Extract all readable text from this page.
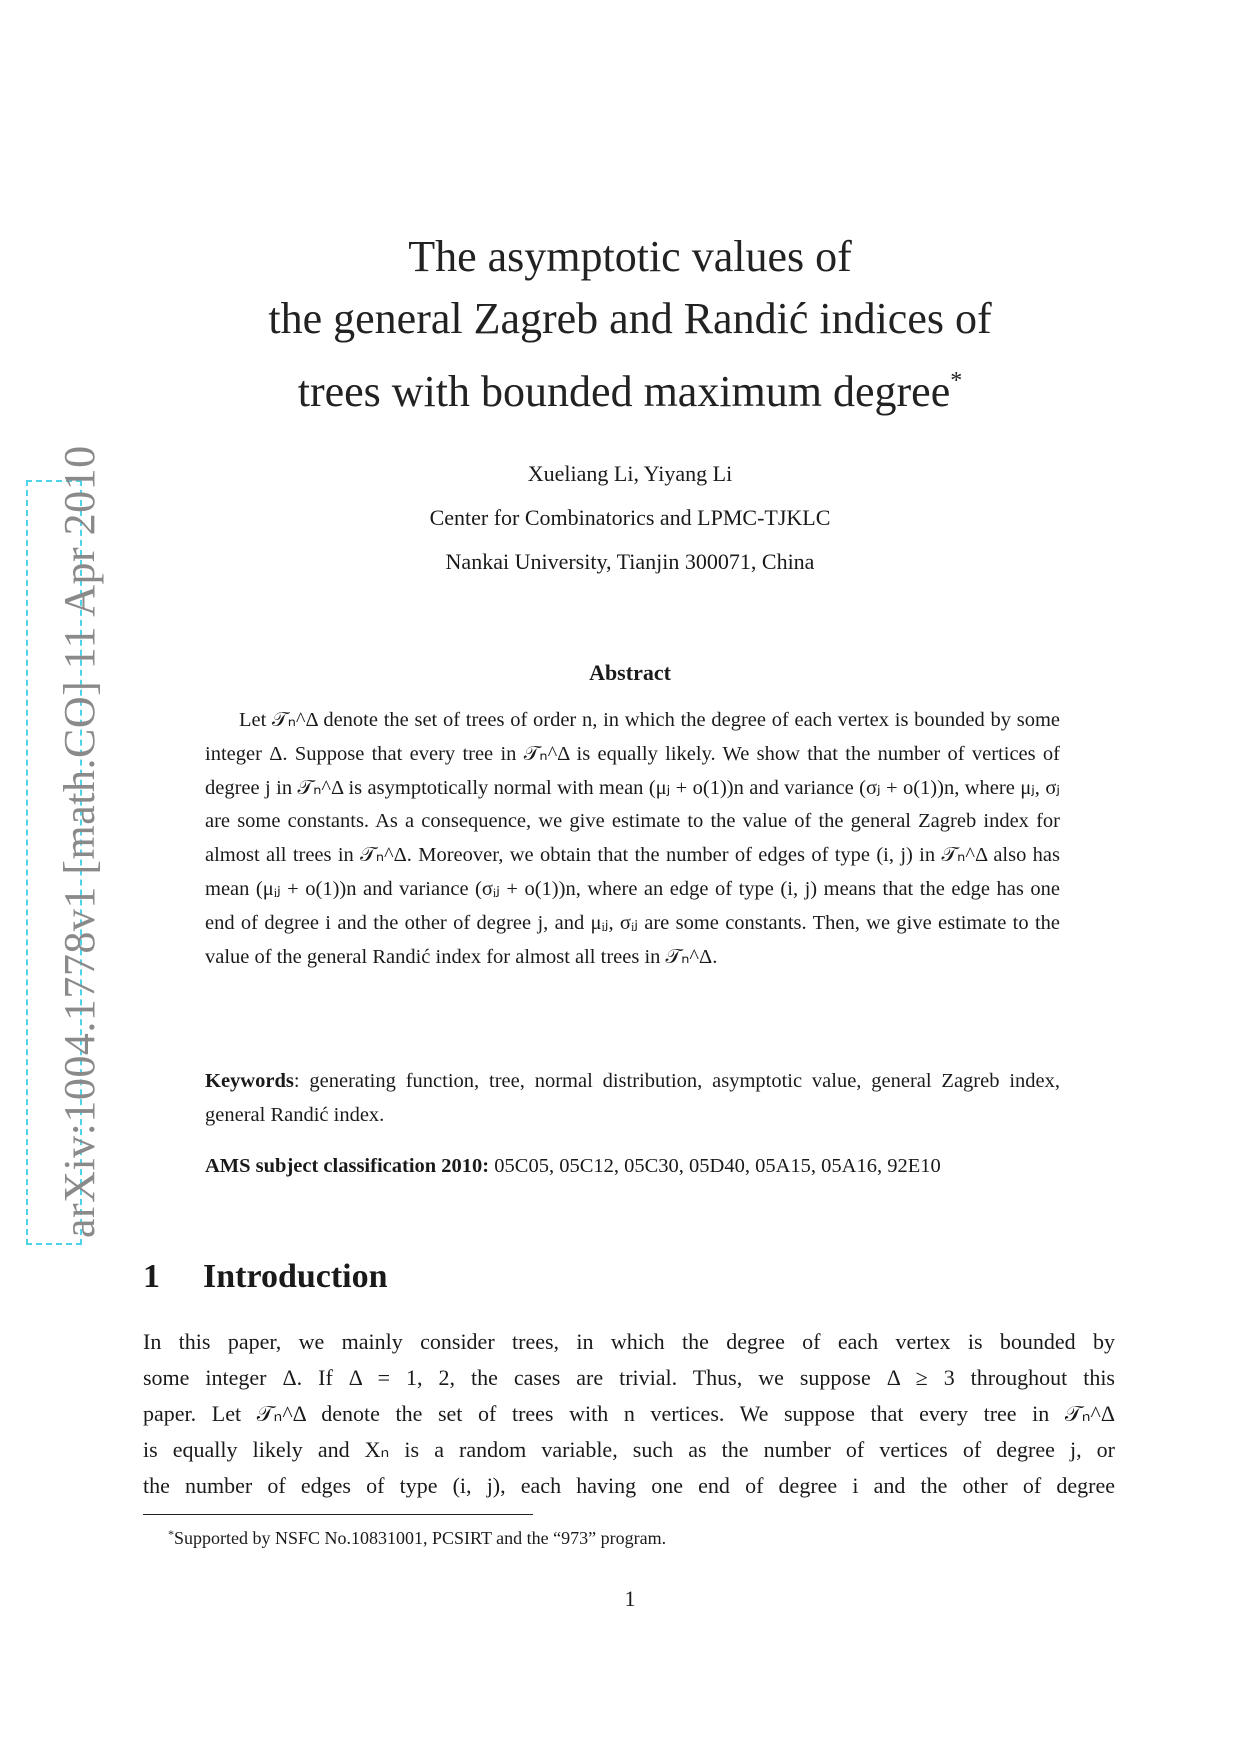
arXiv:1004.1778v1 [math.CO] 11 Apr 2010
The asymptotic values of
the general Zagreb and Randić indices of
trees with bounded maximum degree*
Xueliang Li, Yiyang Li
Center for Combinatorics and LPMC-TJKLC
Nankai University, Tianjin 300071, China
Abstract

Let 𝒯ₙ^Δ denote the set of trees of order n, in which the degree of each vertex is bounded by some integer Δ. Suppose that every tree in 𝒯ₙ^Δ is equally likely. We show that the number of vertices of degree j in 𝒯ₙ^Δ is asymptotically normal with mean (μⱼ + o(1))n and variance (σⱼ + o(1))n, where μⱼ, σⱼ are some constants. As a consequence, we give estimate to the value of the general Zagreb index for almost all trees in 𝒯ₙ^Δ. Moreover, we obtain that the number of edges of type (i, j) in 𝒯ₙ^Δ also has mean (μᵢⱼ + o(1))n and variance (σᵢⱼ + o(1))n, where an edge of type (i, j) means that the edge has one end of degree i and the other of degree j, and μᵢⱼ, σᵢⱼ are some constants. Then, we give estimate to the value of the general Randić index for almost all trees in 𝒯ₙ^Δ.

Keywords: generating function, tree, normal distribution, asymptotic value, general Zagreb index, general Randić index.
AMS subject classification 2010: 05C05, 05C12, 05C30, 05D40, 05A15, 05A16, 92E10
1 Introduction
In this paper, we mainly consider trees, in which the degree of each vertex is bounded by
some integer Δ. If Δ = 1, 2, the cases are trivial. Thus, we suppose Δ ≥ 3 throughout this
paper. Let 𝒯ₙ^Δ denote the set of trees with n vertices. We suppose that every tree in 𝒯ₙ^Δ
is equally likely and Xₙ is a random variable, such as the number of vertices of degree j, or
the number of edges of type (i, j), each having one end of degree i and the other of degree
*Supported by NSFC No.10831001, PCSIRT and the “973” program.
1
